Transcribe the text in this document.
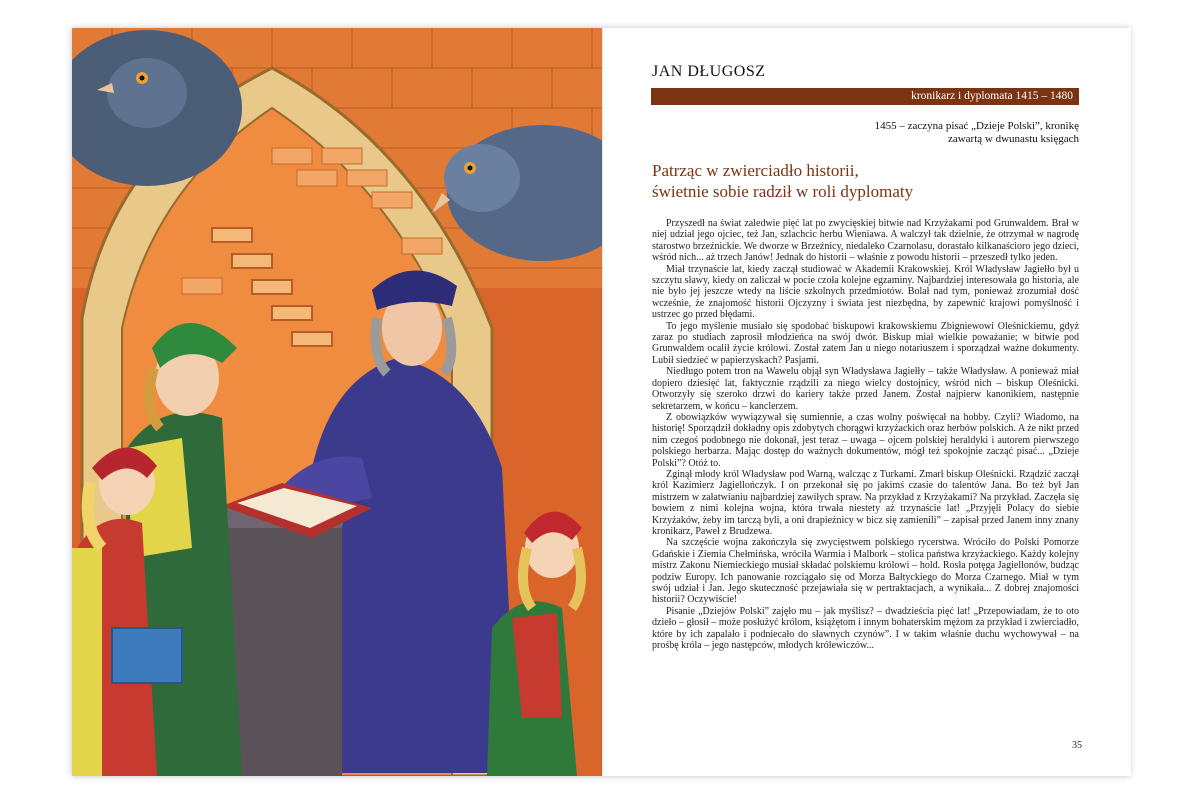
JAN DŁUGOSZ
kronikarz i dyplomata 1415 – 1480
1455 – zaczyna pisać „Dzieje Polski”, kronikę
zawartą w dwunastu księgach
Patrząc w zwierciadło historii,
świetnie sobie radził w roli dyplomaty

Przyszedł na świat zaledwie pięć lat po zwycięskiej bitwie nad Krzyżakami pod Grunwaldem. Brał w niej udział jego ojciec, też Jan, szlachcic herbu Wieniawa. A walczył tak dzielnie, że otrzymał w nagrodę starostwo brzeźnickie. We dworze w Brzeźnicy, niedaleko Czarnolasu, dorastało kilkanaściоro jego dzieci, wśród nich... aż trzech Janów! Jednak do historii – właśnie z powodu historii – przeszedł tylko jeden.

Miał trzynaście lat, kiedy zaczął studiować w Akademii Krakowskiej. Król Władysław Jagiełło był u szczytu sławy, kiedy on zaliczał w pocie czoła kolejne egzaminy. Najbardziej interesowała go historia, ale nie było jej jeszcze wtedy na liście szkolnych przedmiotów. Bolał nad tym, ponieważ zrozumiał dość wcześnie, że znajomość historii Ojczyzny i świata jest niezbędna, by zapewnić krajowi pomyślność i ustrzec go przed błędami.

To jego myślenie musiało się spodobać biskupowi krakowskiemu Zbigniewowi Oleśnickiemu, gdyż zaraz po studiach zaprosił młodzieńca na swój dwór. Biskup miał wielkie poważanie; w bitwie pod Grunwaldem ocalił życie królowi. Został zatem Jan u niego notariuszem i sporządzał ważne dokumenty. Lubił siedzieć w papierzyskach? Pasjami.

Niedługo potem tron na Wawelu objął syn Władysława Jagiełły – także Władysław. A ponieważ miał dopiero dziesięć lat, faktycznie rządzili za niego wielcy dostojnicy, wśród nich – biskup Oleśnicki. Otworzyły się szeroko drzwi do kariery także przed Janem. Został najpierw kanonikiem, następnie sekretarzem, w końcu – kanclerzem.

Z obowiązków wywiązywał się sumiennie, a czas wolny poświęcał na hobby. Czyli? Wiadomo, na historię! Sporządził dokładny opis zdobytych chorągwi krzyżackich oraz herbów polskich. A że nikt przed nim czegoś podobnego nie dokonał, jest teraz – uwaga – ojcem polskiej heraldyki i autorem pierwszego polskiego herbarza. Mając dostęp do ważnych dokumentów, mógł też spokojnie zacząć pisać... „Dzieje Polski”? Otóż to.

Zginął młody król Władysław pod Warną, walcząc z Turkami. Zmarł biskup Oleśnicki. Rządzić zaczął król Kazimierz Jagiellończyk. I on przekonał się po jakimś czasie do talentów Jana. Bo też był Jan mistrzem w załatwianiu najbardziej zawiłych spraw. Na przykład z Krzyżakami? Na przykład. Zaczęła się bowiem z nimi kolejna wojna, która trwała niestety aż trzynaście lat! „Przyjęli Polacy do siebie Krzyżaków, żeby im tarczą byli, a oni drapieżnicy w bicz się zamienili” – zapisał przed Janem inny znany kronikarz, Paweł z Brudzewa.

Na szczęście wojna zakończyła się zwycięstwem polskiego rycerstwa. Wróciło do Polski Pomorze Gdańskie i Ziemia Chełmińska, wróciła Warmia i Malbork – stolica państwa krzyżackiego. Każdy kolejny mistrz Zakonu Niemieckiego musiał składać polskiemu królowi – hold. Rosła potęga Jagiellonów, budząc podziw Europy. Ich panowanie rozciągało się od Morza Bałtyckiego do Morza Czarnego. Miał w tym swój udział i Jan. Jego skuteczność przejawiała się w pertraktacjach, a wynikała... Z dobrej znajomości historii? Oczywiście!

Pisanie „Dziejów Polski” zajęło mu – jak myślisz? – dwadzieścia pięć lat! „Przepowiadam, że to oto dzieło – głosił – może posłużyć królom, książętom i innym bohaterskim mężom za przykład i zwierciadło, które by ich zapalało i podniecało do sławnych czynów”. I w takim właśnie duchu wychowywał – na prośbę króla – jego następców, młodych królewiczów...

35
